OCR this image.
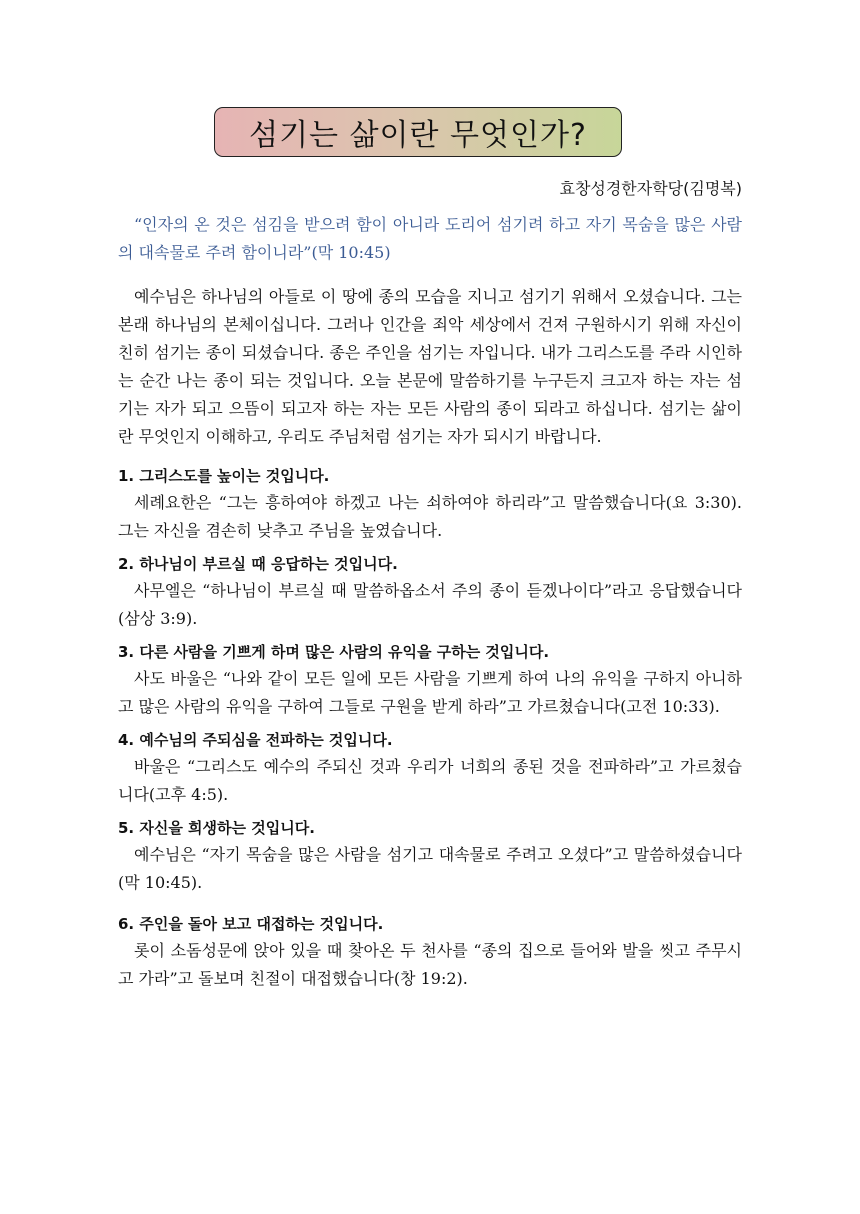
섬기는 삶이란 무엇인가?
효창성경한자학당(김명복)
“인자의 온 것은 섬김을 받으려 함이 아니라 도리어 섬기려 하고 자기 목숨을 많은 사람의 대속물로 주려 함이니라”(막 10:45)

예수님은 하나님의 아들로 이 땅에 종의 모습을 지니고 섬기기 위해서 오셨습니다. 그는 본래 하나님의 본체이십니다. 그러나 인간을 죄악 세상에서 건져 구원하시기 위해 자신이 친히 섬기는 종이 되셨습니다. 종은 주인을 섬기는 자입니다. 내가 그리스도를 주라 시인하는 순간 나는 종이 되는 것입니다. 오늘 본문에 말씀하기를 누구든지 크고자 하는 자는 섬기는 자가 되고 으뜸이 되고자 하는 자는 모든 사람의 종이 되라고 하십니다. 섬기는 삶이란 무엇인지 이해하고, 우리도 주님처럼 섬기는 자가 되시기 바랍니다.

1. 그리스도를 높이는 것입니다.

세례요한은 “그는 흥하여야 하겠고 나는 쇠하여야 하리라”고 말씀했습니다(요 3:30). 그는 자신을 겸손히 낮추고 주님을 높였습니다.

2. 하나님이 부르실 때 응답하는 것입니다.

사무엘은 “하나님이 부르실 때 말씀하옵소서 주의 종이 듣겠나이다”라고 응답했습니다(삼상 3:9).

3. 다른 사람을 기쁘게 하며 많은 사람의 유익을 구하는 것입니다.

사도 바울은 “나와 같이 모든 일에 모든 사람을 기쁘게 하여 나의 유익을 구하지 아니하고 많은 사람의 유익을 구하여 그들로 구원을 받게 하라”고 가르쳤습니다(고전 10:33).

4. 예수님의 주되심을 전파하는 것입니다.

바울은 “그리스도 예수의 주되신 것과 우리가 너희의 종된 것을 전파하라”고 가르쳤습니다(고후 4:5).

5. 자신을 희생하는 것입니다.

예수님은 “자기 목숨을 많은 사람을 섬기고 대속물로 주려고 오셨다”고 말씀하셨습니다(막 10:45).

6. 주인을 돌아 보고 대접하는 것입니다.

롯이 소돔성문에 앉아 있을 때 찾아온 두 천사를 “종의 집으로 들어와 발을 씻고 주무시고 가라”고 돌보며 친절이 대접했습니다(창 19:2).
